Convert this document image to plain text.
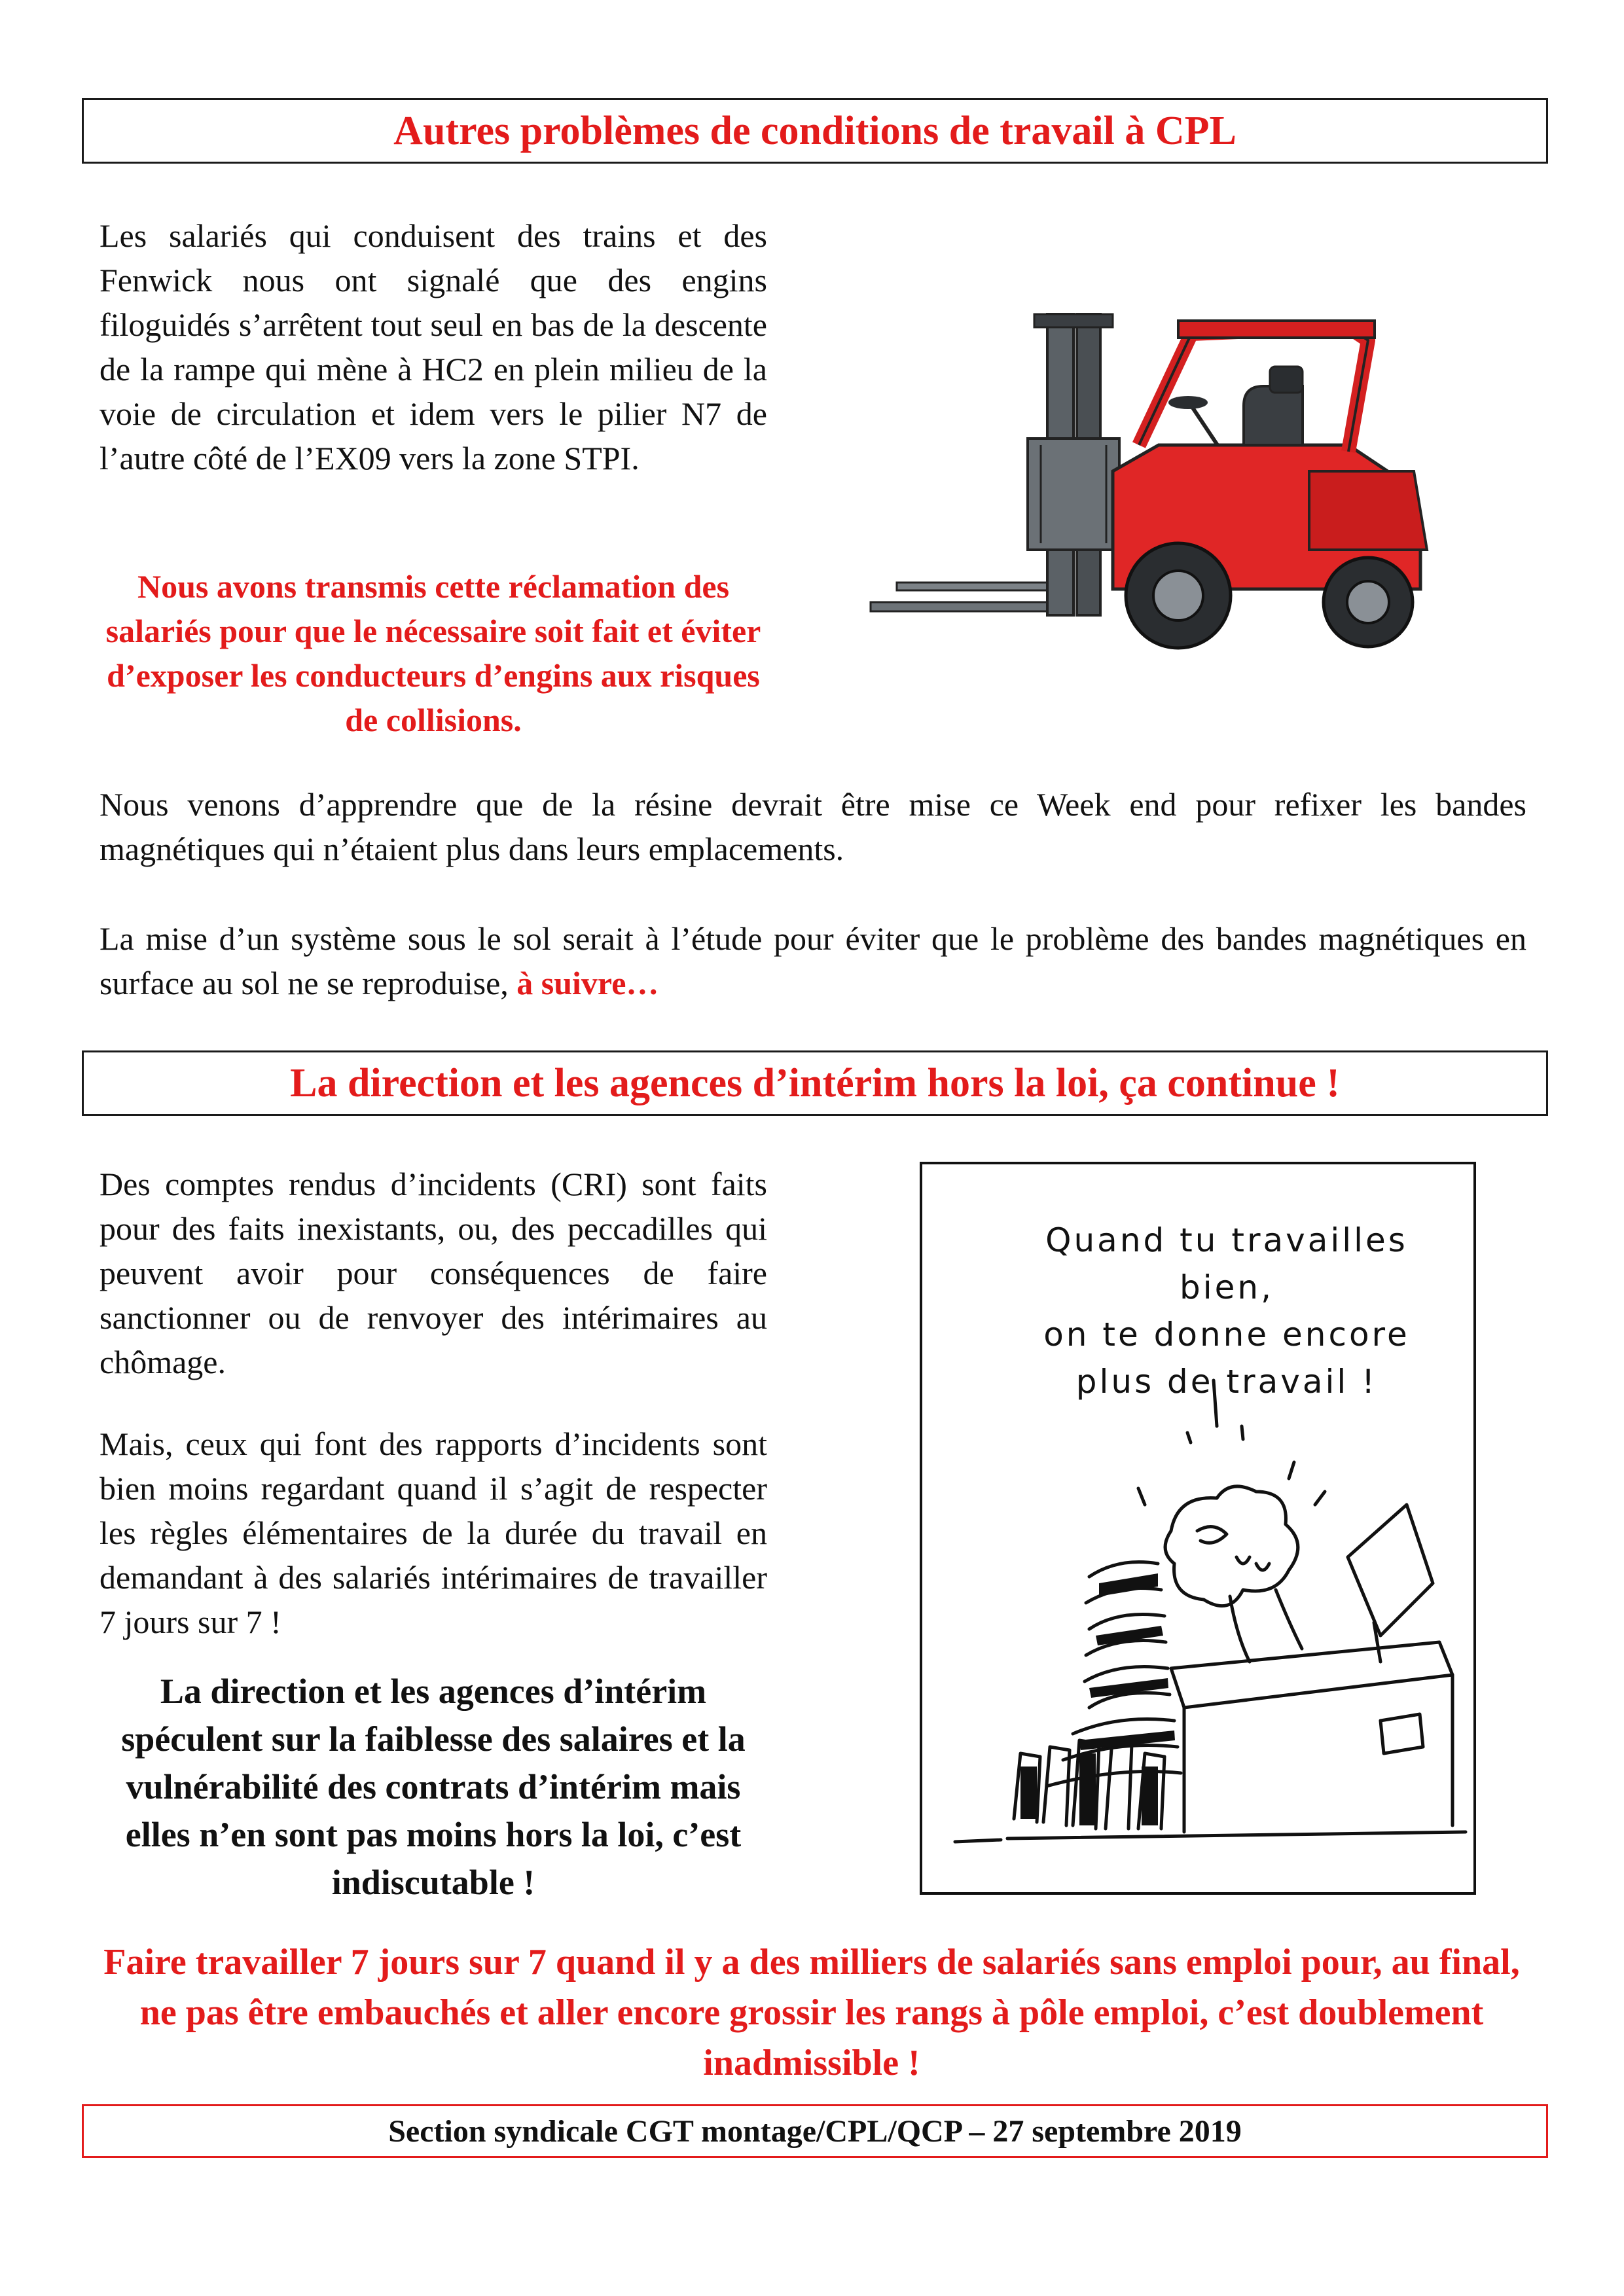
Autres problèmes de conditions de travail à CPL

Les salariés qui conduisent des trains et des Fenwick nous ont signalé que des engins filoguidés s’arrêtent tout seul en bas de la descente de la rampe qui mène à HC2 en plein milieu de la voie de circulation et idem vers le pilier N7 de l’autre côté de l’EX09 vers la zone STPI.

Nous avons transmis cette réclamation des salariés pour que le nécessaire soit fait et éviter d’exposer les conducteurs d’engins aux risques de collisions.

Nous venons d’apprendre que de la résine devrait être mise ce Week end pour refixer les bandes magnétiques qui n’étaient plus dans leurs emplacements.

La mise d’un système sous le sol serait à l’étude pour éviter que le problème des bandes magnétiques en surface au sol ne se reproduise, à suivre…

La direction et les agences d’intérim hors la loi, ça continue !

Des comptes rendus d’incidents (CRI) sont faits pour des faits inexistants, ou, des peccadilles qui peuvent avoir pour conséquences de faire sanctionner ou de renvoyer des intérimaires au chômage.

Mais, ceux qui font des rapports d’incidents sont bien moins regardant quand il s’agit de respecter les règles élémentaires de la durée du travail en demandant à des salariés intérimaires de travailler 7 jours sur 7 !

La direction et les agences d’intérim spéculent sur la faiblesse des salaires et la vulnérabilité des contrats d’intérim mais elles n’en sont pas moins hors la loi, c’est indiscutable !

Quand tu travailles bien,
on te donne encore
plus de travail !

Faire travailler 7 jours sur 7 quand il y a des milliers de salariés sans emploi pour, au final, ne pas être embauchés et aller encore grossir les rangs à pôle emploi, c’est doublement inadmissible !

Section syndicale CGT montage/CPL/QCP – 27 septembre 2019
